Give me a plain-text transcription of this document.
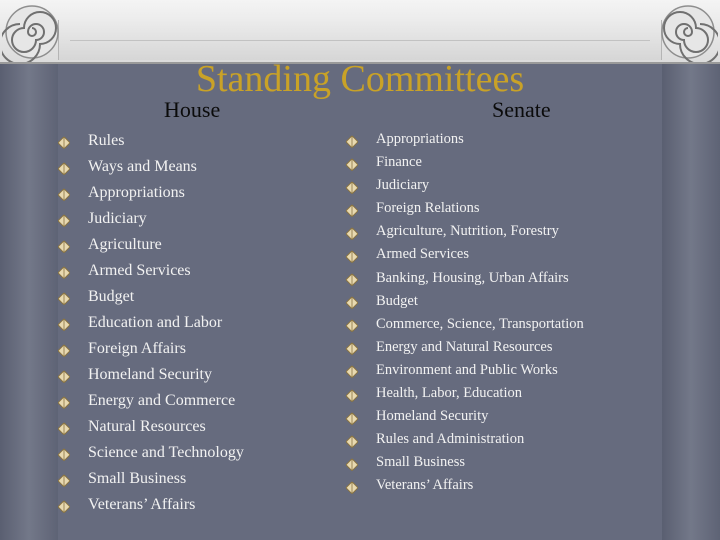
Standing Committees
House	Senate
Rules
Ways and Means
Appropriations
Judiciary
Agriculture
Armed Services
Budget
Education and Labor
Foreign Affairs
Homeland Security
Energy and Commerce
Natural Resources
Science and Technology
Small Business
Veterans’ Affairs
Appropriations
Finance
Judiciary
Foreign Relations
Agriculture, Nutrition, Forestry
Armed Services
Banking, Housing, Urban Affairs
Budget
Commerce, Science, Transportation
Energy and Natural Resources
Environment and Public Works
Health, Labor, Education
Homeland Security
Rules and Administration
Small Business
Veterans’ Affairs
